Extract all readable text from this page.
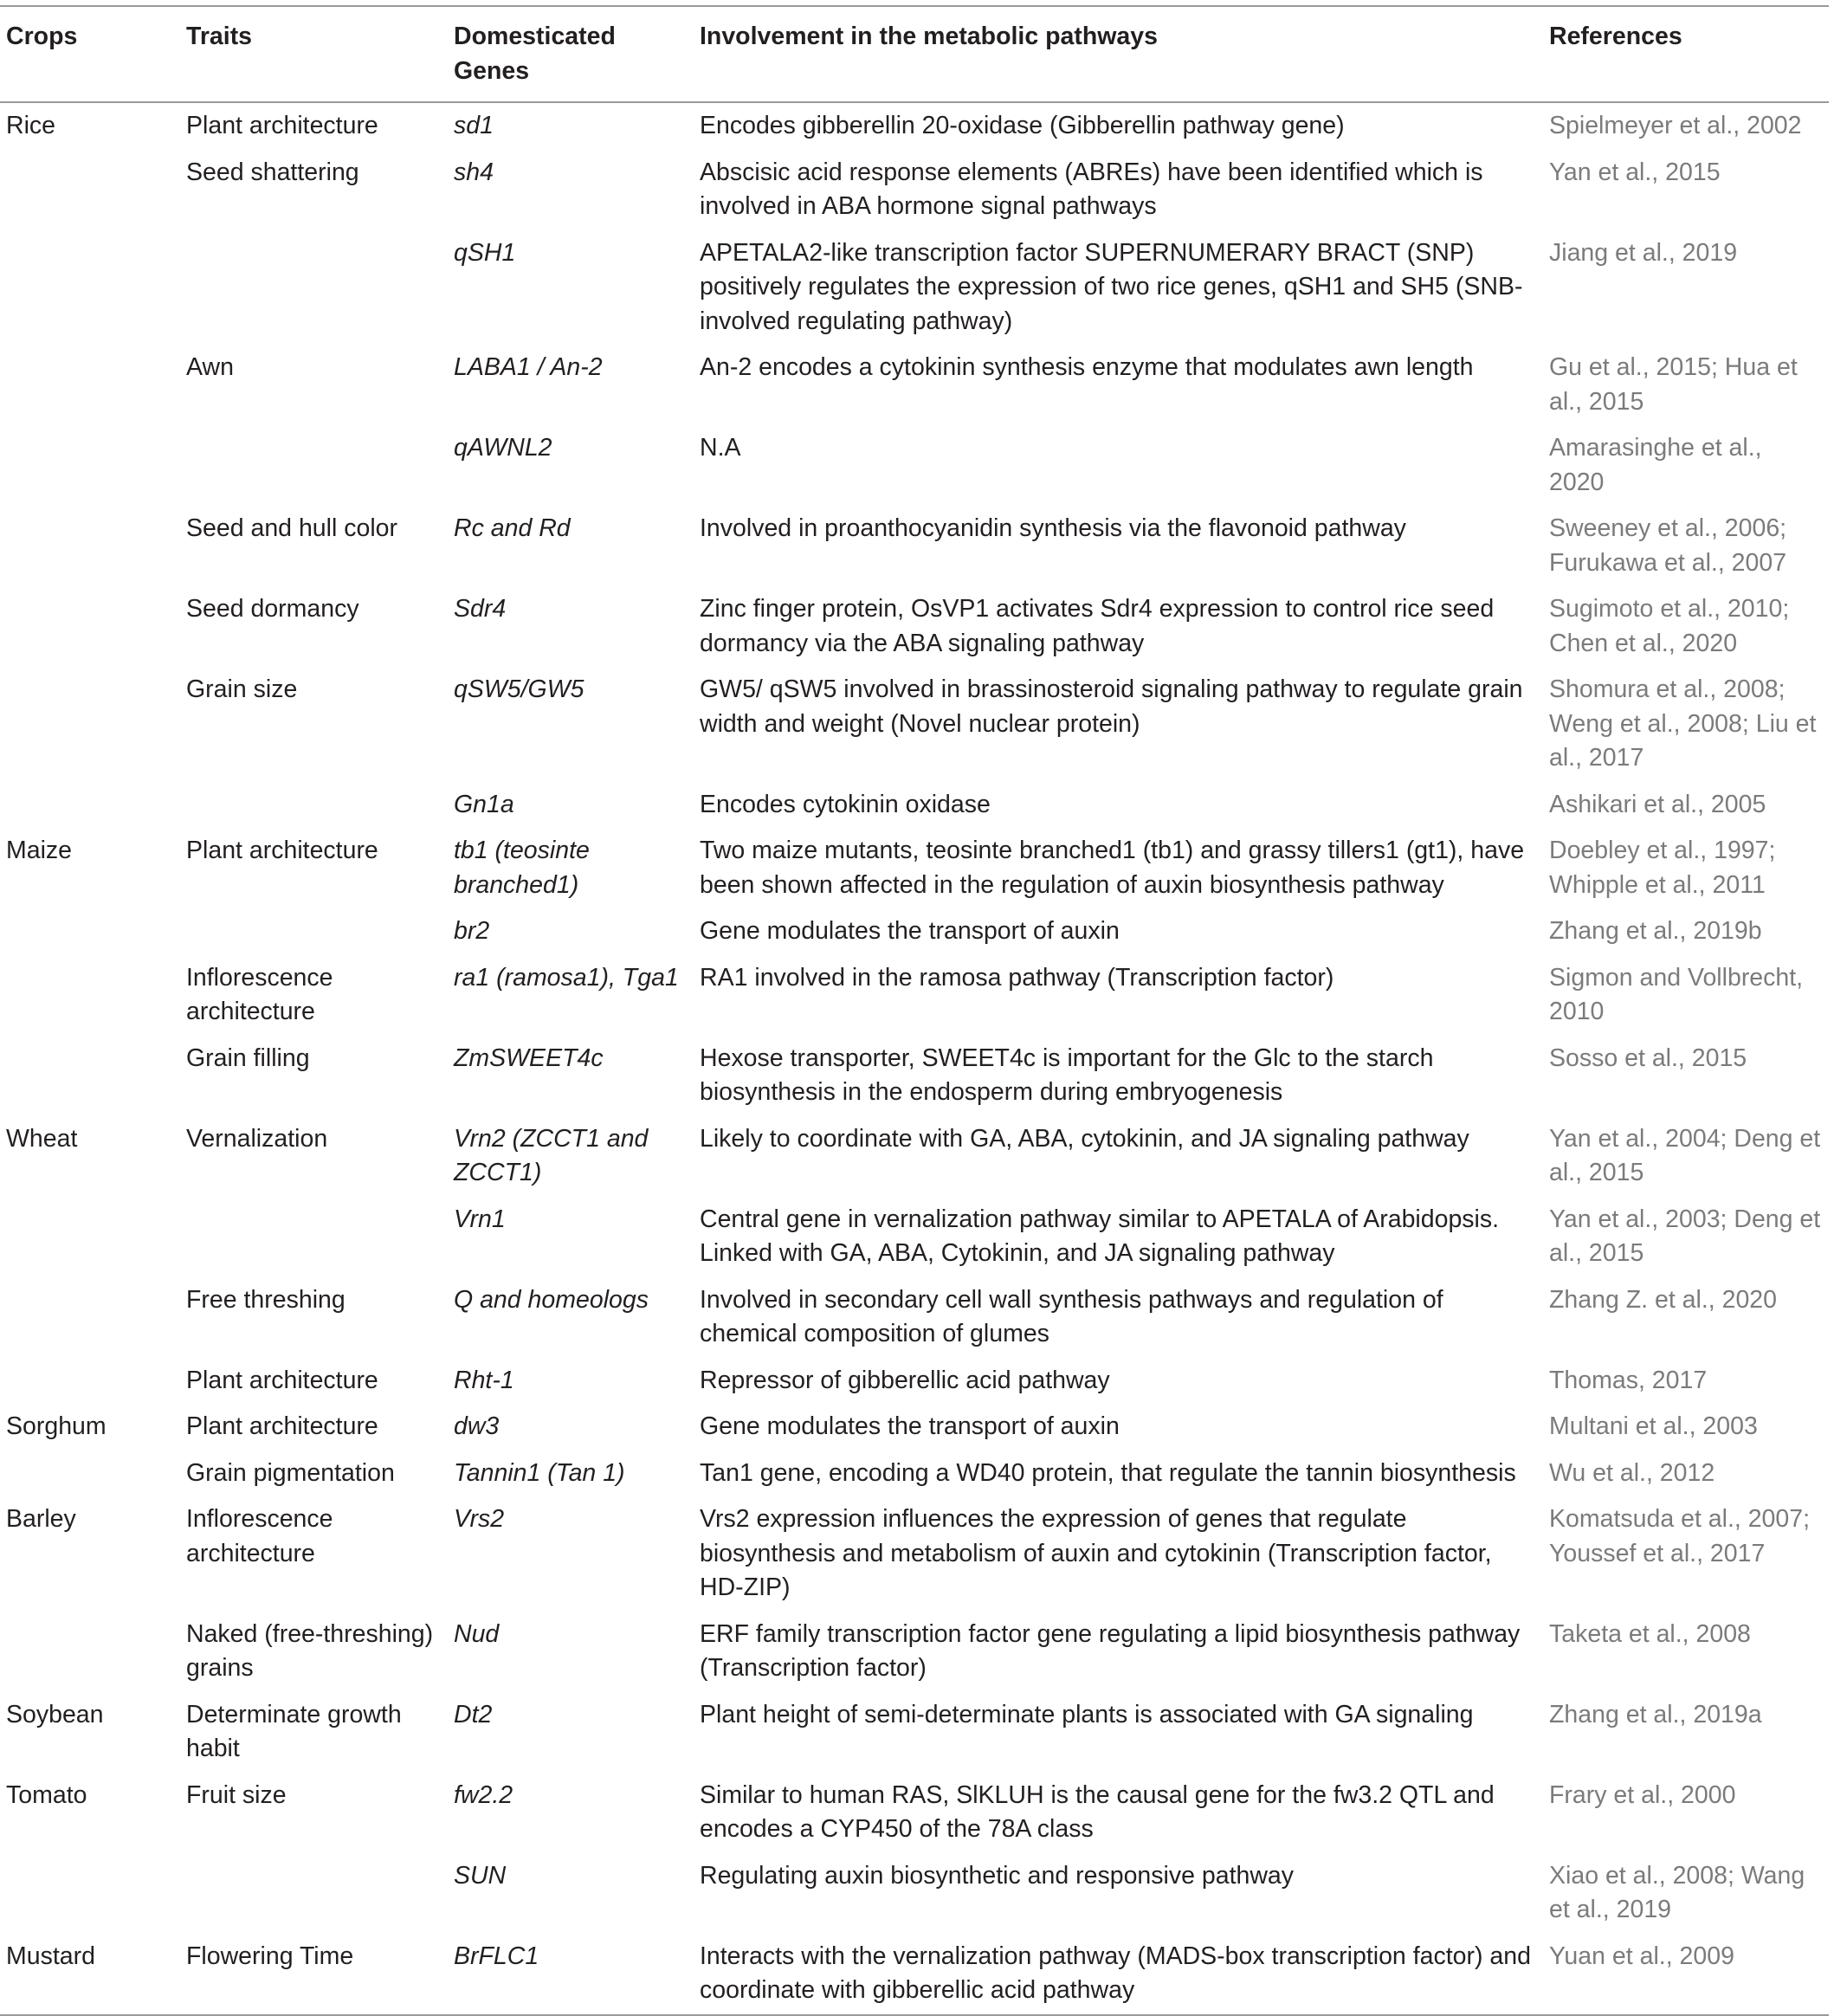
Crops	Traits	Domesticated Genes	Involvement in the metabolic pathways	References
Rice	Plant architecture	sd1	Encodes gibberellin 20-oxidase (Gibberellin pathway gene)	Spielmeyer et al., 2002
	Seed shattering	sh4	Abscisic acid response elements (ABREs) have been identified which is involved in ABA hormone signal pathways	Yan et al., 2015
		qSH1	APETALA2-like transcription factor SUPERNUMERARY BRACT (SNP) positively regulates the expression of two rice genes, qSH1 and SH5 (SNB-involved regulating pathway)	Jiang et al., 2019
	Awn	LABA1 / An-2	An-2 encodes a cytokinin synthesis enzyme that modulates awn length	Gu et al., 2015; Hua et al., 2015
		qAWNL2	N.A	Amarasinghe et al., 2020
	Seed and hull color	Rc and Rd	Involved in proanthocyanidin synthesis via the flavonoid pathway	Sweeney et al., 2006; Furukawa et al., 2007
	Seed dormancy	Sdr4	Zinc finger protein, OsVP1 activates Sdr4 expression to control rice seed dormancy via the ABA signaling pathway	Sugimoto et al., 2010; Chen et al., 2020
	Grain size	qSW5/GW5	GW5/ qSW5 involved in brassinosteroid signaling pathway to regulate grain width and weight (Novel nuclear protein)	Shomura et al., 2008; Weng et al., 2008; Liu et al., 2017
		Gn1a	Encodes cytokinin oxidase	Ashikari et al., 2005
Maize	Plant architecture	tb1 (teosinte branched1)	Two maize mutants, teosinte branched1 (tb1) and grassy tillers1 (gt1), have been shown affected in the regulation of auxin biosynthesis pathway	Doebley et al., 1997; Whipple et al., 2011
		br2	Gene modulates the transport of auxin	Zhang et al., 2019b
	Inflorescence architecture	ra1 (ramosa1), Tga1	RA1 involved in the ramosa pathway (Transcription factor)	Sigmon and Vollbrecht, 2010
	Grain filling	ZmSWEET4c	Hexose transporter, SWEET4c is important for the Glc to the starch biosynthesis in the endosperm during embryogenesis	Sosso et al., 2015
Wheat	Vernalization	Vrn2 (ZCCT1 and ZCCT1)	Likely to coordinate with GA, ABA, cytokinin, and JA signaling pathway	Yan et al., 2004; Deng et al., 2015
		Vrn1	Central gene in vernalization pathway similar to APETALA of Arabidopsis. Linked with GA, ABA, Cytokinin, and JA signaling pathway	Yan et al., 2003; Deng et al., 2015
	Free threshing	Q and homeologs	Involved in secondary cell wall synthesis pathways and regulation of chemical composition of glumes	Zhang Z. et al., 2020
	Plant architecture	Rht-1	Repressor of gibberellic acid pathway	Thomas, 2017
Sorghum	Plant architecture	dw3	Gene modulates the transport of auxin	Multani et al., 2003
	Grain pigmentation	Tannin1 (Tan 1)	Tan1 gene, encoding a WD40 protein, that regulate the tannin biosynthesis	Wu et al., 2012
Barley	Inflorescence architecture	Vrs2	Vrs2 expression influences the expression of genes that regulate biosynthesis and metabolism of auxin and cytokinin (Transcription factor, HD-ZIP)	Komatsuda et al., 2007; Youssef et al., 2017
	Naked (free-threshing) grains	Nud	ERF family transcription factor gene regulating a lipid biosynthesis pathway (Transcription factor)	Taketa et al., 2008
Soybean	Determinate growth habit	Dt2	Plant height of semi-determinate plants is associated with GA signaling	Zhang et al., 2019a
Tomato	Fruit size	fw2.2	Similar to human RAS, SlKLUH is the causal gene for the fw3.2 QTL and encodes a CYP450 of the 78A class	Frary et al., 2000
		SUN	Regulating auxin biosynthetic and responsive pathway	Xiao et al., 2008; Wang et al., 2019
Mustard	Flowering Time	BrFLC1	Interacts with the vernalization pathway (MADS-box transcription factor) and coordinate with gibberellic acid pathway	Yuan et al., 2009
